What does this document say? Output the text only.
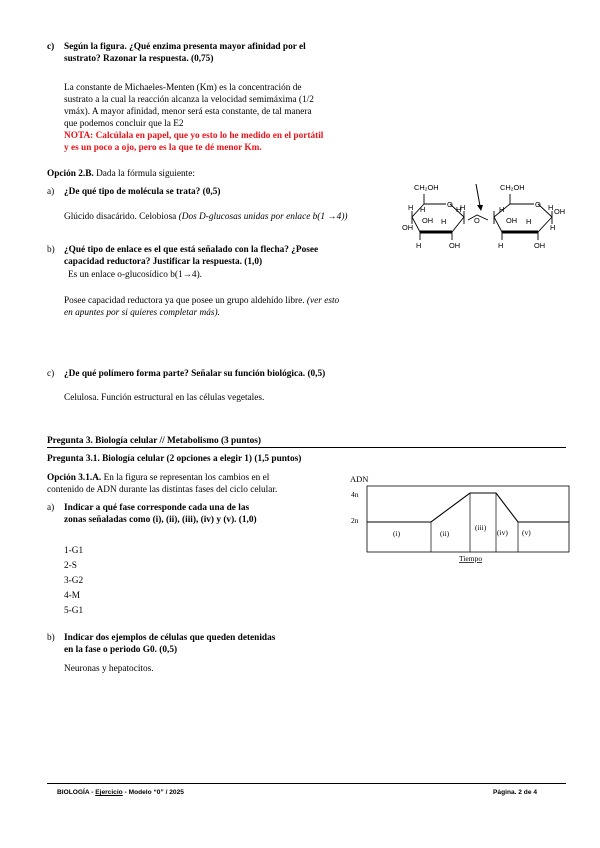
c) Según la figura. ¿Qué enzima presenta mayor afinidad por el
sustrato? Razonar la respuesta. (0,75)
La constante de Michaeles-Menten (Km) es la concentración de
sustrato a la cual la reacción alcanza la velocidad semimáxima (1/2
vmáx). A mayor afinidad, menor será esta constante, de tal manera
que podemos concluir que la E2
NOTA: Calcúlala en papel, que yo esto lo he medido en el portátil
y es un poco a ojo, pero es la que te dé menor Km.
Opción 2.B. Dada la fórmula siguiente:
a) ¿De qué tipo de molécula se trata? (0,5)
Glúcido disacárido. Celobiosa (Dos D-glucosas unidas por enlace b(1 →4))
b) ¿Qué tipo de enlace es el que está señalado con la flecha? ¿Posee
capacidad reductora? Justificar la respuesta. (1,0)
Es un enlace o-glucosídico b(1→4).
Posee capacidad reductora ya que posee un grupo aldehído libre. (ver esto
en apuntes por si quieres completar más).
CH₂OH	CH₂OH
O	O
O
H	H
H
OH
H
OH
H
H	OH
H
OH H
H OH
H
H	OH
c) ¿De qué polímero forma parte? Señalar su función biológica. (0,5)
Celulosa. Función estructural en las células vegetales.
Pregunta 3. Biología celular // Metabolismo (3 puntos)
Pregunta 3.1. Biología celular (2 opciones a elegir 1) (1,5 puntos)
Opción 3.1.A. En la figura se representan los cambios en el
contenido de ADN durante las distintas fases del ciclo celular.
a) Indicar a qué fase corresponde cada una de las
zonas señaladas como (i), (ii), (iii), (iv) y (v). (1,0)
1-G1
2-S
3-G2
4-M
5-G1
ADN
4n
2n
(i)	(ii)
(iii)
(iv) (v)
Tiempo
b) Indicar dos ejemplos de células que queden detenidas
en la fase o periodo G0. (0,5)
Neuronas y hepatocitos.
BIOLOGÍA - Ejercicio - Modelo “0” / 2025	Página. 2 de 4
